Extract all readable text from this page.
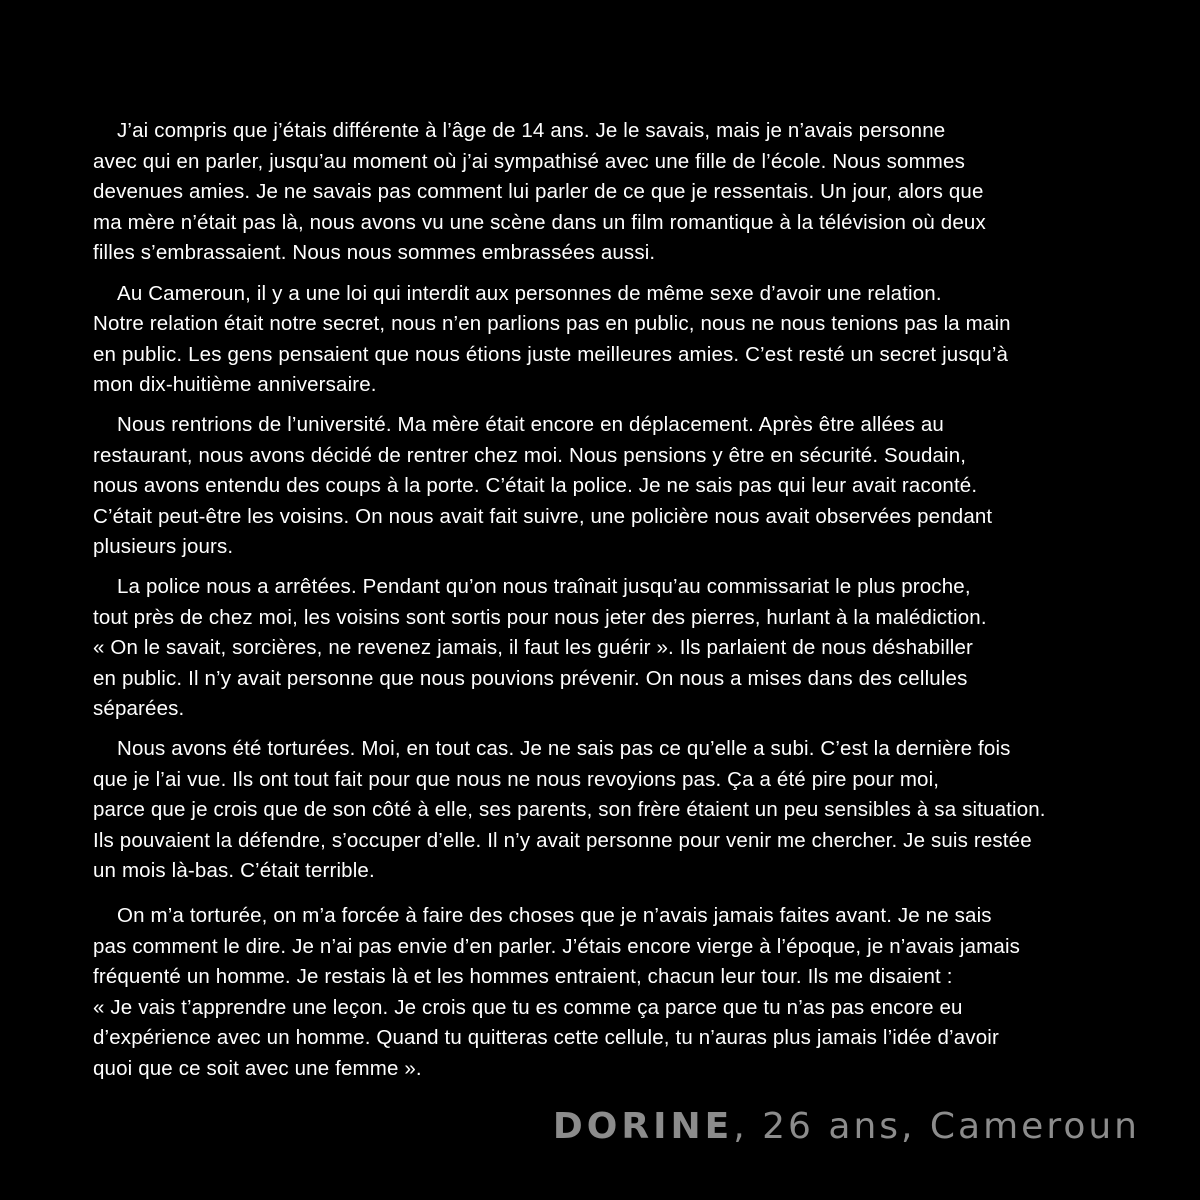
J’ai compris que j’étais différente à l’âge de 14 ans. Je le savais, mais je n’avais personne

avec qui en parler, jusqu’au moment où j’ai sympathisé avec une fille de l’école. Nous sommes

devenues amies. Je ne savais pas comment lui parler de ce que je ressentais. Un jour, alors que

ma mère n’était pas là, nous avons vu une scène dans un film romantique à la télévision où deux

filles s’embrassaient. Nous nous sommes embrassées aussi.

Au Cameroun, il y a une loi qui interdit aux personnes de même sexe d’avoir une relation.

Notre relation était notre secret, nous n’en parlions pas en public, nous ne nous tenions pas la main

en public. Les gens pensaient que nous étions juste meilleures amies. C’est resté un secret jusqu’à

mon dix-huitième anniversaire.

Nous rentrions de l’université. Ma mère était encore en déplacement. Après être allées au

restaurant, nous avons décidé de rentrer chez moi. Nous pensions y être en sécurité. Soudain,

nous avons entendu des coups à la porte. C’était la police. Je ne sais pas qui leur avait raconté.

C’était peut-être les voisins. On nous avait fait suivre, une policière nous avait observées pendant

plusieurs jours.

La police nous a arrêtées. Pendant qu’on nous traînait jusqu’au commissariat le plus proche,

tout près de chez moi, les voisins sont sortis pour nous jeter des pierres, hurlant à la malédiction.

« On le savait, sorcières, ne revenez jamais, il faut les guérir ». Ils parlaient de nous déshabiller

en public. Il n’y avait personne que nous pouvions prévenir. On nous a mises dans des cellules

séparées.

Nous avons été torturées. Moi, en tout cas. Je ne sais pas ce qu’elle a subi. C’est la dernière fois

que je l’ai vue. Ils ont tout fait pour que nous ne nous revoyions pas. Ça a été pire pour moi,

parce que je crois que de son côté à elle, ses parents, son frère étaient un peu sensibles à sa situation.

Ils pouvaient la défendre, s’occuper d’elle. Il n’y avait personne pour venir me chercher. Je suis restée

un mois là-bas. C’était terrible.

On m’a torturée, on m’a forcée à faire des choses que je n’avais jamais faites avant. Je ne sais

pas comment le dire. Je n’ai pas envie d’en parler. J’étais encore vierge à l’époque, je n’avais jamais

fréquenté un homme. Je restais là et les hommes entraient, chacun leur tour. Ils me disaient :

« Je vais t’apprendre une leçon. Je crois que tu es comme ça parce que tu n’as pas encore eu

d’expérience avec un homme. Quand tu quitteras cette cellule, tu n’auras plus jamais l’idée d’avoir

quoi que ce soit avec une femme ».

DORINE, 26 ans, Cameroun
